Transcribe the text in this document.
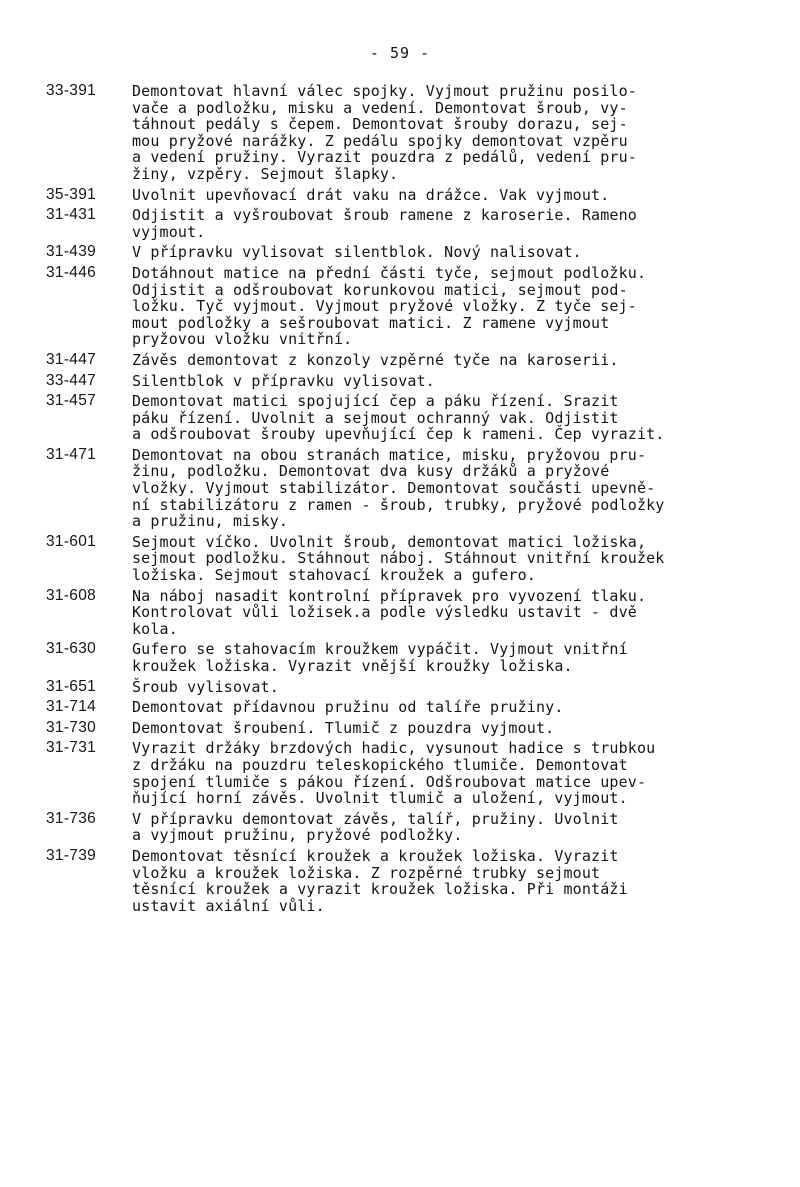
- 59 -
33-391	Demontovat hlavní válec spojky. Vyjmout pružinu posilo-
vače a podložku, misku a vedení. Demontovat šroub, vy-
táhnout pedály s čepem. Demontovat šrouby dorazu, sej-
mou pryžové narážky. Z pedálu spojky demontovat vzpěru
a vedení pružiny. Vyrazit pouzdra z pedálů, vedení pru-
žiny, vzpěry. Sejmout šlapky.
35-391	Uvolnit upevňovací drát vaku na drážce. Vak vyjmout.
31-431	Odjistit a vyšroubovat šroub ramene z karoserie. Rameno
vyjmout.
31-439	V přípravku vylisovat silentblok. Nový nalisovat.
31-446	Dotáhnout matice na přední části tyče, sejmout podložku.
Odjistit a odšroubovat korunkovou matici, sejmout pod-
ložku. Tyč vyjmout. Vyjmout pryžové vložky. Z tyče sej-
mout podložky a sešroubovat matici. Z ramene vyjmout
pryžovou vložku vnitřní.
31-447	Závěs demontovat z konzoly vzpěrné tyče na karoserii.
33-447	Silentblok v přípravku vylisovat.
31-457	Demontovat matici spojující čep a páku řízení. Srazit
páku řízení. Uvolnit a sejmout ochranný vak. Odjistit
a odšroubovat šrouby upevňující čep k rameni. Čep vyrazit.
31-471	Demontovat na obou stranách matice, misku, pryžovou pru-
žinu, podložku. Demontovat dva kusy držáků a pryžové
vložky. Vyjmout stabilizátor. Demontovat součásti upevně-
ní stabilizátoru z ramen - šroub, trubky, pryžové podložky
a pružinu, misky.
31-601	Sejmout víčko. Uvolnit šroub, demontovat matici ložiska,
sejmout podložku. Stáhnout náboj. Stáhnout vnitřní kroužek
ložiska. Sejmout stahovací kroužek a gufero.
31-608	Na náboj nasadit kontrolní přípravek pro vyvození tlaku.
Kontrolovat vůli ložisek.a podle výsledku ustavit - dvě
kola.
31-630	Gufero se stahovacím kroužkem vypáčit. Vyjmout vnitřní
kroužek ložiska. Vyrazit vnější kroužky ložiska.
31-651	Šroub vylisovat.
31-714	Demontovat přídavnou pružinu od talíře pružiny.
31-730	Demontovat šroubení. Tlumič z pouzdra vyjmout.
31-731	Vyrazit držáky brzdových hadic, vysunout hadice s trubkou
z držáku na pouzdru teleskopického tlumiče. Demontovat
spojení tlumiče s pákou řízení. Odšroubovat matice upev-
ňující horní závěs. Uvolnit tlumič a uložení, vyjmout.
31-736	V přípravku demontovat závěs, talíř, pružiny. Uvolnit
a vyjmout pružinu, pryžové podložky.
31-739	Demontovat těsnící kroužek a kroužek ložiska. Vyrazit
vložku a kroužek ložiska. Z rozpěrné trubky sejmout
těsnící kroužek a vyrazit kroužek ložiska. Při montáži
ustavit axiální vůli.
